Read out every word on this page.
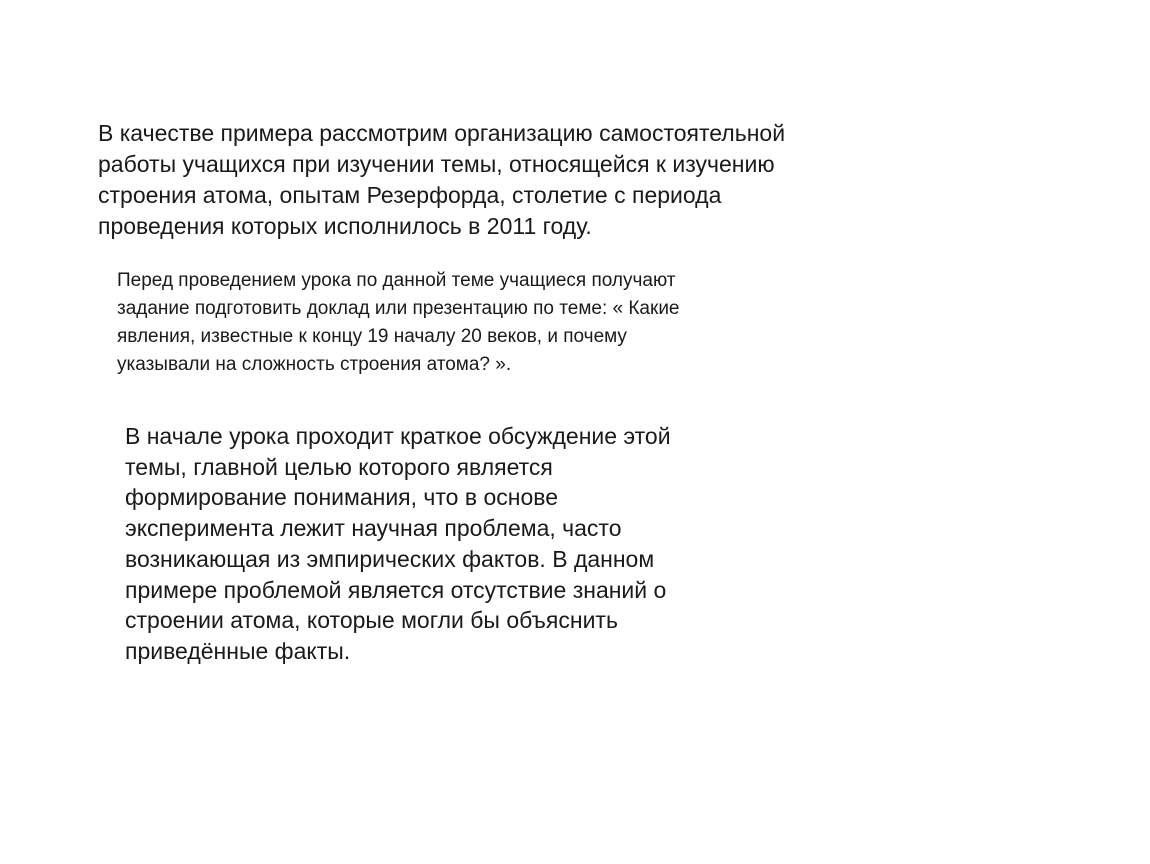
В качестве примера рассмотрим организацию самостоятельной
работы учащихся при изучении темы, относящейся к изучению
строения атома, опытам Резерфорда, столетие с периода
проведения которых исполнилось в 2011 году.

Перед проведением урока по данной теме учащиеся получают
задание подготовить доклад или презентацию по теме: « Какие
явления, известные к концу 19 началу 20 веков, и почему
указывали на сложность строения атома? ».

В начале урока проходит краткое обсуждение этой
темы, главной целью которого является
формирование понимания, что в основе
эксперимента лежит научная проблема, часто
возникающая из эмпирических фактов. В данном
примере проблемой является отсутствие знаний о
строении атома, которые могли бы объяснить
приведённые факты.
